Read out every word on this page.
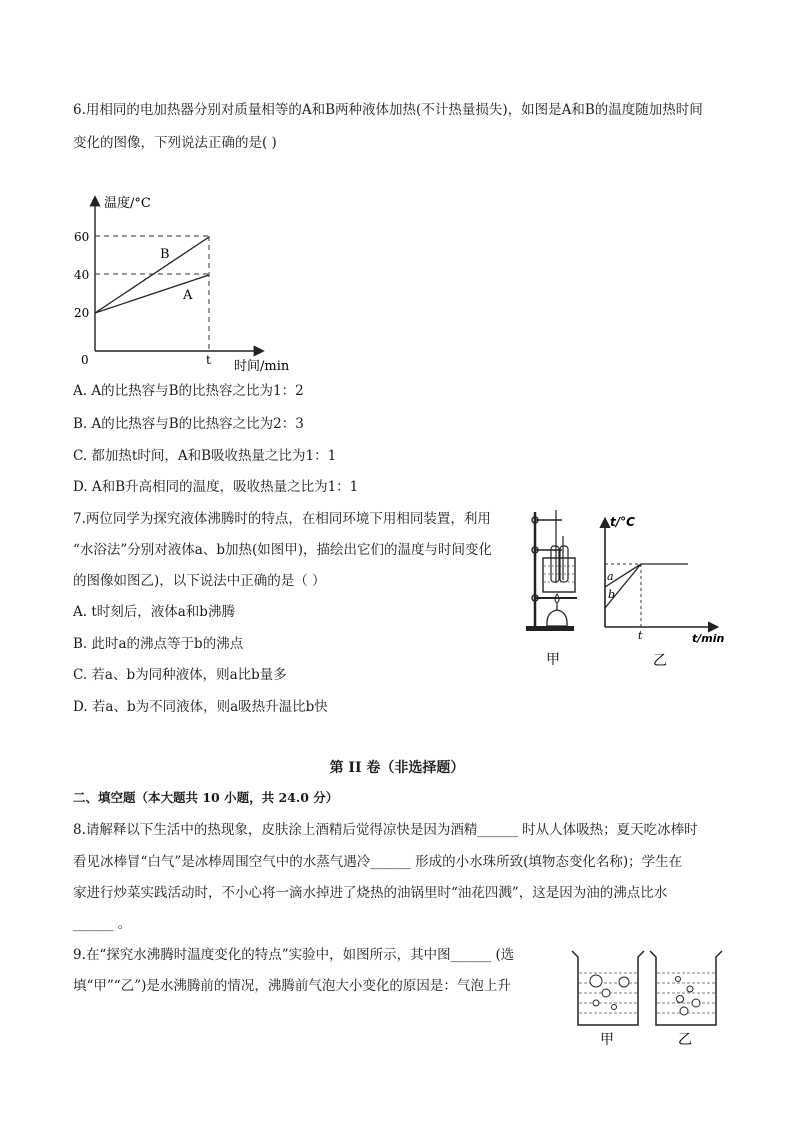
6.用相同的电加热器分别对质量相等的A和B两种液体加热(不计热量损失)，如图是A和B的温度随加热时间
变化的图像，下列说法正确的是( )
温度/°C
时间/min
60
40
20
0	t
B
A
A. A的比热容与B的比热容之比为1：2
B. A的比热容与B的比热容之比为2：3
C. 都加热t时间，A和B吸收热量之比为1：1
D. A和B升高相同的温度，吸收热量之比为1：1
7.两位同学为探究液体沸腾时的特点，在相同环境下用相同装置，利用
“水浴法”分别对液体a、b加热(如图甲)，描绘出它们的温度与时间变化
的图像如图乙)，以下说法中正确的是（ ）
A. t时刻后，液体a和b沸腾
B. 此时a的沸点等于b的沸点
C. 若a、b为同种液体，则a比b量多
D. 若a、b为不同液体，则a吸热升温比b快
甲
t/°C
t/min
a
b
t
乙
第 II 卷（非选择题）
二、填空题（本大题共 10 小题，共 24.0 分）
8.请解释以下生活中的热现象，皮肤涂上酒精后觉得凉快是因为酒精______ 时从人体吸热；夏天吃冰棒时
看见冰棒冒“白气”是冰棒周围空气中的水蒸气遇冷______ 形成的小水珠所致(填物态变化名称)；学生在
家进行炒菜实践活动时，不小心将一滴水掉进了烧热的油锅里时“油花四溅”，这是因为油的沸点比水
______ 。
9.在“探究水沸腾时温度变化的特点”实验中，如图所示，其中图______ (选
填“甲”“乙”)是水沸腾前的情况，沸腾前气泡大小变化的原因是：气泡上升
甲	乙
